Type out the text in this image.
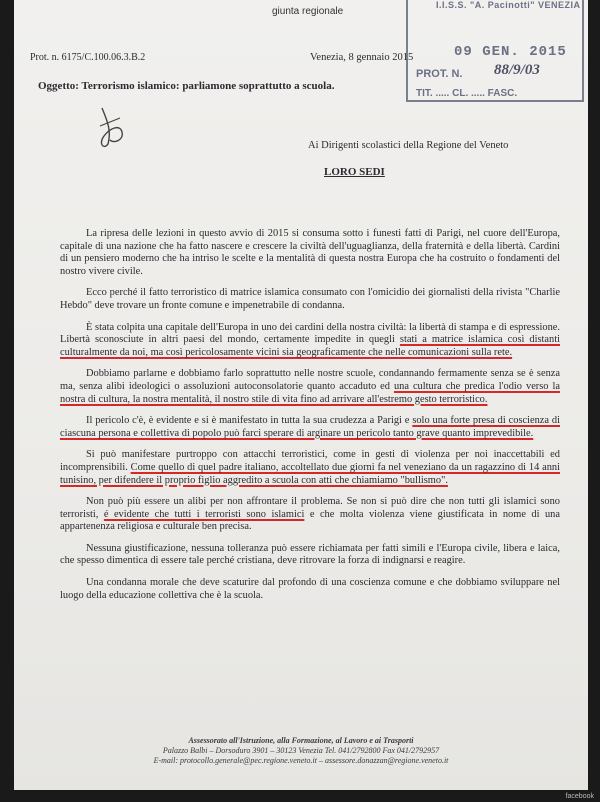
giunta regionale
I.I.S.S. "A. Pacinotti" VENEZIA
09 GEN. 2015
PROT. N. 88/9/03
TIT. ..... CL. ..... FASC.
Prot. n. 6175/C.100.06.3.B.2	Venezia, 8 gennaio 2015
Oggetto: Terrorismo islamico: parliamone soprattutto a scuola.
Ai Dirigenti scolastici della Regione del Veneto
LORO SEDI

La ripresa delle lezioni in questo avvio di 2015 si consuma sotto i funesti fatti di Parigi, nel cuore dell'Europa, capitale di una nazione che ha fatto nascere e crescere la civiltà dell'uguaglianza, della fraternità e della libertà. Cardini di un pensiero moderno che ha intriso le scelte e la mentalità di questa nostra Europa che ha costruito o fondamenti del nostro vivere civile.

Ecco perché il fatto terroristico di matrice islamica consumato con l'omicidio dei giornalisti della rivista "Charlie Hebdo" deve trovare un fronte comune e impenetrabile di condanna.

È stata colpita una capitale dell'Europa in uno dei cardini della nostra civiltà: la libertà di stampa e di espressione. Libertà sconosciute in altri paesi del mondo, certamente impedite in quegli stati a matrice islamica così distanti culturalmente da noi, ma così pericolosamente vicini sia geograficamente che nelle comunicazioni sulla rete.

Dobbiamo parlarne e dobbiamo farlo soprattutto nelle nostre scuole, condannando fermamente senza se è senza ma, senza alibi ideologici o assoluzioni autoconsolatorie quanto accaduto ed una cultura che predica l'odio verso la nostra di cultura, la nostra mentalità, il nostro stile di vita fino ad arrivare all'estremo gesto terroristico.

Il pericolo c'è, è evidente e si è manifestato in tutta la sua crudezza a Parigi e solo una forte presa di coscienza di ciascuna persona e collettiva di popolo può farci sperare di arginare un pericolo tanto grave quanto imprevedibile.

Si può manifestare purtroppo con attacchi terroristici, come in gesti di violenza per noi inaccettabili ed incomprensibili. Come quello di quel padre italiano, accoltellato due giorni fa nel veneziano da un ragazzino di 14 anni tunisino, per difendere il proprio figlio aggredito a scuola con atti che chiamiamo "bullismo".

Non può più essere un alibi per non affrontare il problema. Se non si può dire che non tutti gli islamici sono terroristi, é evidente che tutti i terroristi sono islamici e che molta violenza viene giustificata in nome di una appartenenza religiosa e culturale ben precisa.

Nessuna giustificazione, nessuna tolleranza può essere richiamata per fatti simili e l'Europa civile, libera e laica, che spesso dimentica di essere tale perché cristiana, deve ritrovare la forza di indignarsi e reagire.

Una condanna morale che deve scaturire dal profondo di una coscienza comune e che dobbiamo sviluppare nel luogo della educazione collettiva che è la scuola.

Assessorato all'Istruzione, alla Formazione, al Lavoro e ai Trasporti
Palazzo Balbi – Dorsoduro 3901 – 30123 Venezia Tel. 041/2792800 Fax 041/2792957
E-mail: protocollo.generale@pec.regione.veneto.it – assessore.donazzan@regione.veneto.it
facebook
